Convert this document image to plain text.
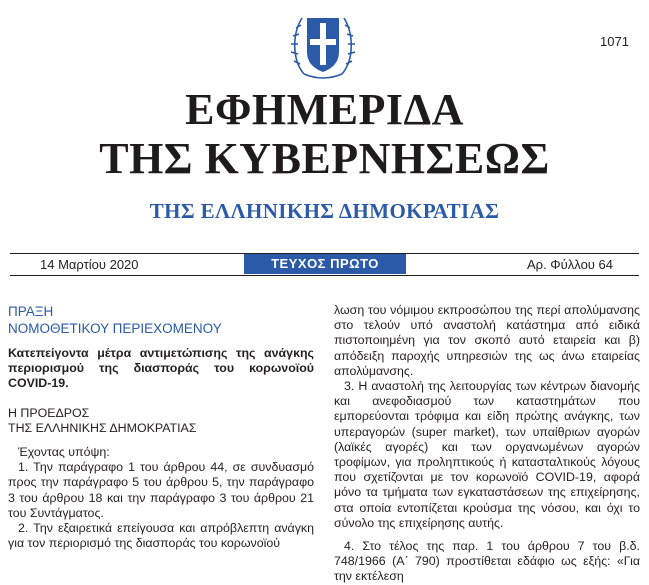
1071
ΕΦΗΜΕΡΙΔΑ
ΤΗΣ ΚΥΒΕΡΝΗΣΕΩΣ
ΤΗΣ ΕΛΛΗΝΙΚΗΣ ΔΗΜΟΚΡΑΤΙΑΣ
14 Μαρτίου 2020	ΤΕΥΧΟΣ ΠΡΩΤΟ	Αρ. Φύλλου 64

ΠΡΑΞΗ

ΝΟΜΟΘΕΤΙΚΟΥ ΠΕΡΙΕΧΟΜΕΝΟΥ

Κατεπείγοντα μέτρα αντιμετώπισης της ανάγκης περιορισμού της διασποράς του κορωνοϊού COVID-19.

Η ΠΡΟΕΔΡΟΣ

ΤΗΣ ΕΛΛΗΝΙΚΗΣ ΔΗΜΟΚΡΑΤΙΑΣ

Έχοντας υπόψη:

1. Την παράγραφο 1 του άρθρου 44, σε συνδυασμό προς την παράγραφο 5 του άρθρου 5, την παράγραφο 3 του άρθρου 18 και την παράγραφο 3 του άρθρου 21 του Συντάγματος.

2. Την εξαιρετικά επείγουσα και απρόβλεπτη ανάγκη για τον περιορισμό της διασποράς του κορωνοϊού

λωση του νόμιμου εκπροσώπου της περί απολύμανσης στο τελούν υπό αναστολή κατάστημα από ειδικά πιστοποιημένη για τον σκοπό αυτό εταιρεία και β) απόδειξη παροχής υπηρεσιών της ως άνω εταιρείας απολύμανσης.

3. Η αναστολή της λειτουργίας των κέντρων διανομής και ανεφοδιασμού των καταστημάτων που εμπορεύονται τρόφιμα και είδη πρώτης ανάγκης, των υπεραγορών (super market), των υπαίθριων αγορών (λαϊκές αγορές) και των οργανωμένων αγορών τροφίμων, για προληπτικούς ή κατασταλτικούς λόγους που σχετίζονται με τον κορωνοϊό COVID-19, αφορά μόνο τα τμήματα των εγκαταστάσεων της επιχείρησης, στα οποία εντοπίζεται κρούσμα της νόσου, και όχι το σύνολο της επιχείρησης αυτής.

4. Στο τέλος της παρ. 1 του άρθρου 7 του β.δ. 748/1966 (Α΄ 790) προστίθεται εδάφιο ως εξής: «Για την εκτέλεση
